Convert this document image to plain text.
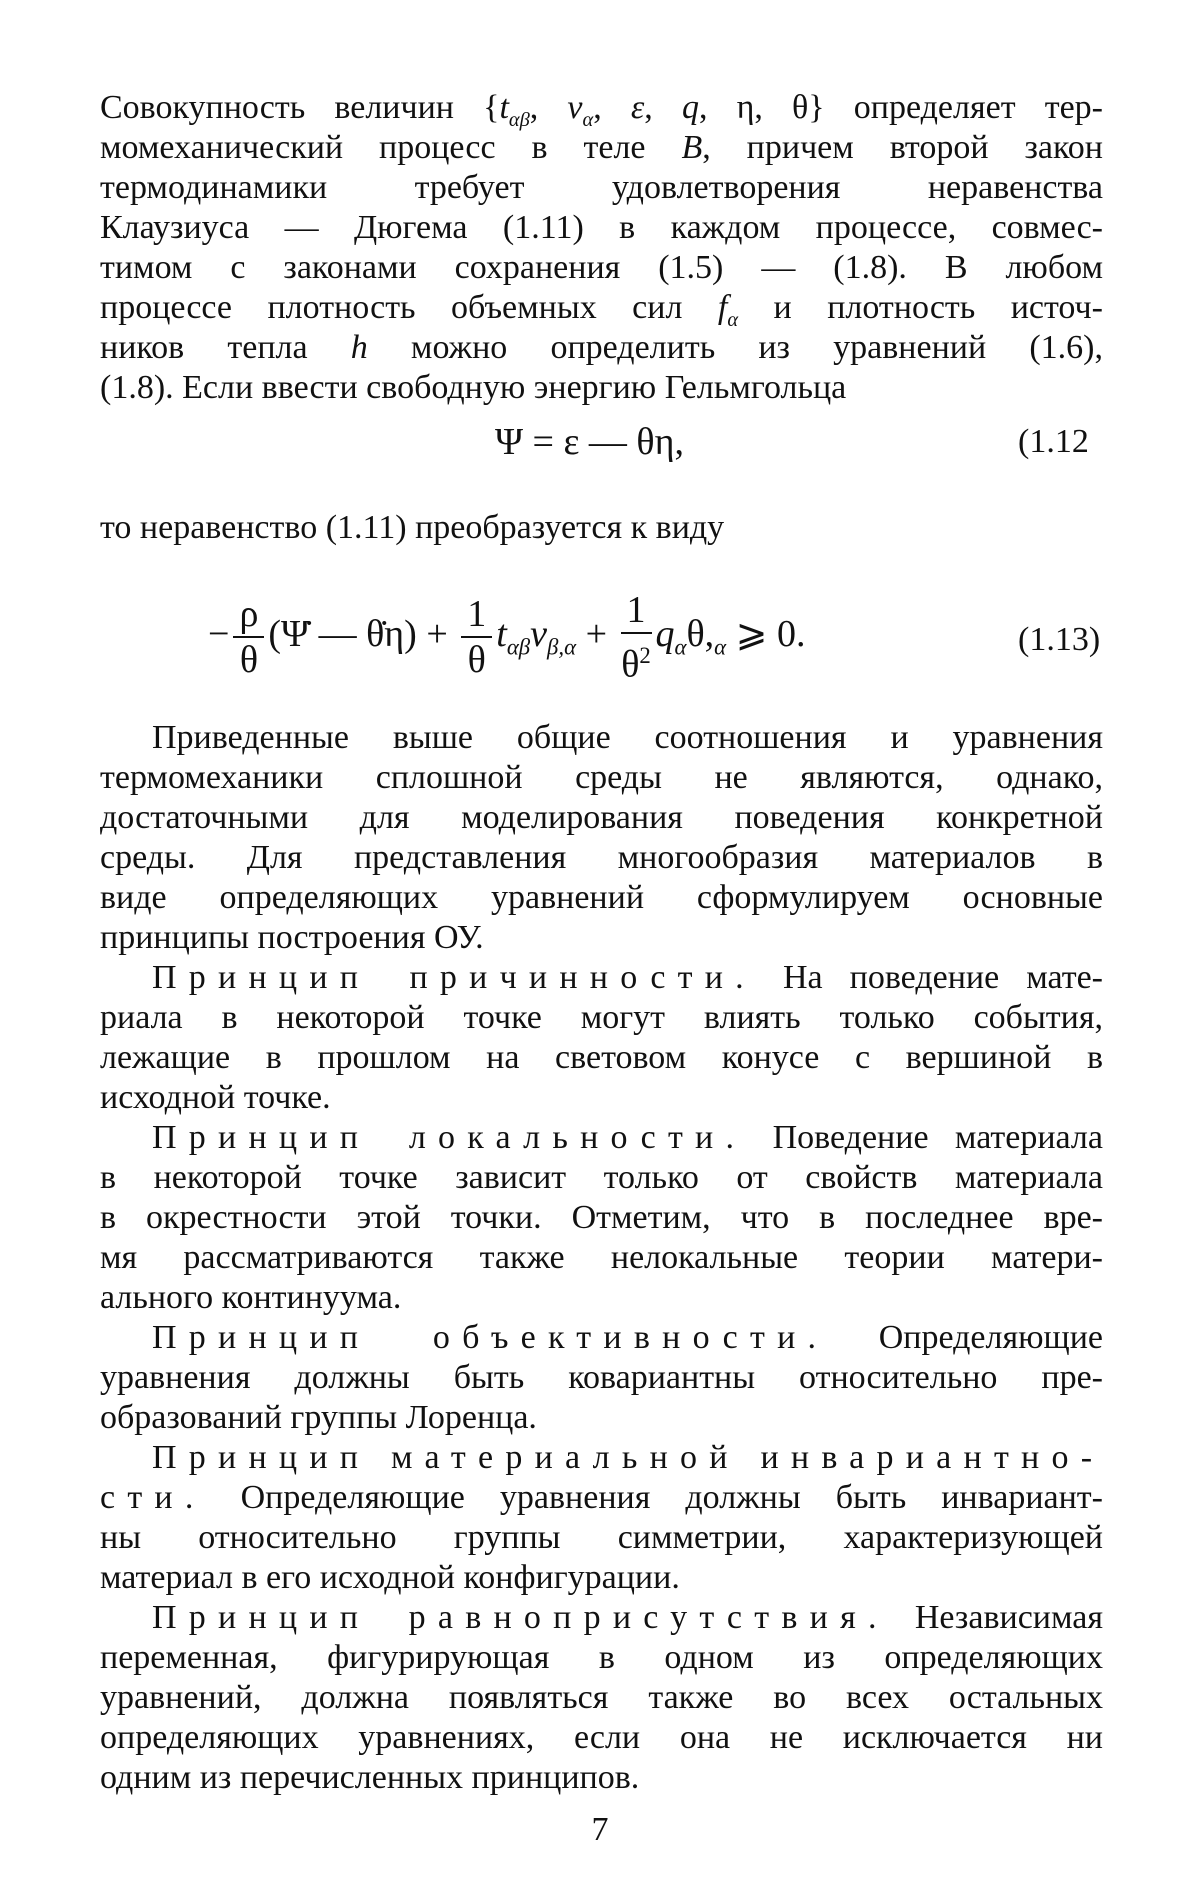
Совокупность величин {$t_{\alpha\beta}$, $v_\alpha$, ε, q, η, θ} определяет тер-
момеханический процесс в теле B, причем второй закон
термодинамики требует удовлетворения неравенства
Клаузиуса — Дюгема (1.11) в каждом процессе, совмес-
тимом с законами сохранения (1.5) — (1.8). В любом
процессе плотность объемных сил $f_\alpha$ и плотность источ-
ников тепла h можно определить из уравнений (1.6),
(1.8). Если ввести свободную энергию Гельмгольца
Ψ = ε — θη,	(1.12
то неравенство (1.11) преобразуется к виду
− $\frac{\rho}{\theta}$ (Ψ̇ — θ̇η) + $\frac{1}{\theta} t_{\alpha\beta}v_{\beta,\alpha} + \frac{1}{\theta^2} q_\alpha\theta,_\alpha$ ⩾ 0.	(1.13)
Приведенные выше общие соотношения и уравнения
термомеханики сплошной среды не являются, однако,
достаточными для моделирования поведения конкретной
среды. Для представления многообразия материалов в
виде определяющих уравнений сформулируем основные
принципы построения ОУ.
Принцип причинности. На поведение мате-
риала в некоторой точке могут влиять только события,
лежащие в прошлом на световом конусе с вершиной в
исходной точке.
Принцип локальности. Поведение материала
в некоторой точке зависит только от свойств материала
в окрестности этой точки. Отметим, что в последнее вре-
мя рассматриваются также нелокальные теории матери-
ального континуума.
Принцип объективности. Определяющие
уравнения должны быть ковариантны относительно пре-
образований группы Лоренца.
Принцип материальной инвариантно-
сти. Определяющие уравнения должны быть инвариант-
ны относительно группы симметрии, характеризующей
материал в его исходной конфигурации.
Принцип равноприсутствия. Независимая
переменная, фигурирующая в одном из определяющих
уравнений, должна появляться также во всех остальных
определяющих уравнениях, если она не исключается ни
одним из перечисленных принципов.
7
